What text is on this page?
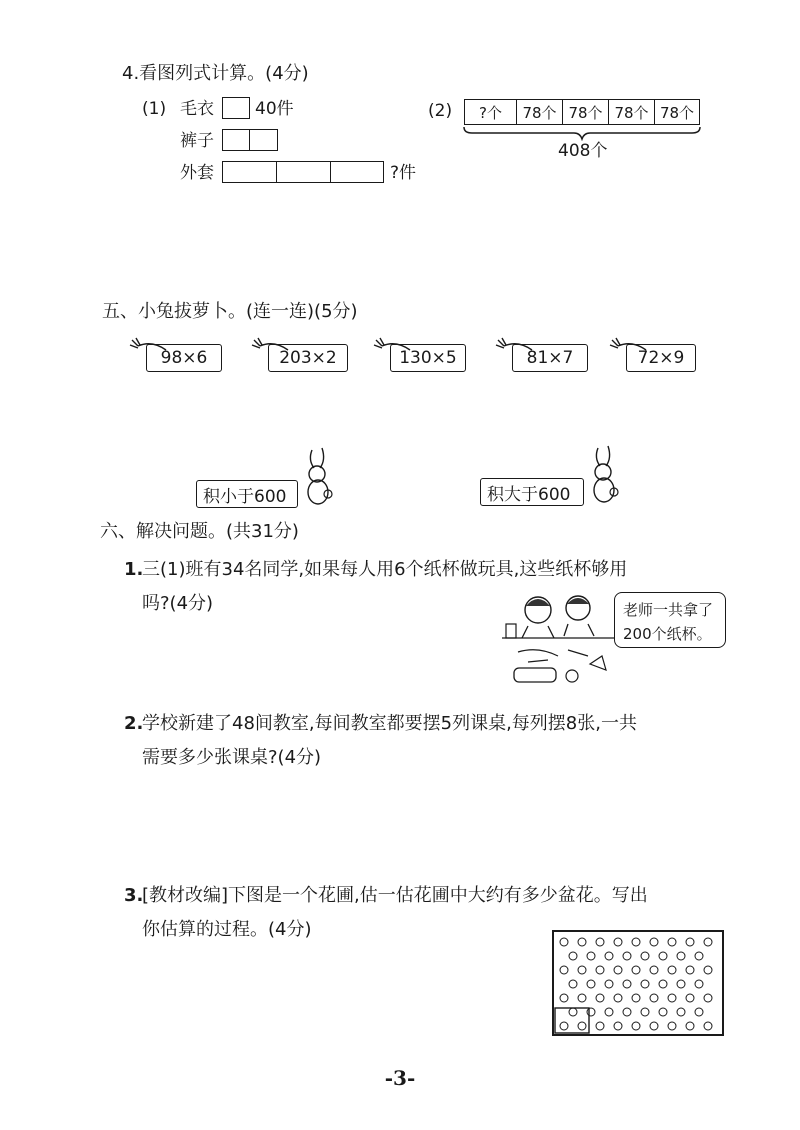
4.看图列式计算。(4分)
(1) 毛衣 40件
裤子
外套	?件
(2)	?个	78个 78个 78个 78个
408个
五、小兔拔萝卜。(连一连)(5分)
98×6	203×2	130×5	81×7	72×9
积小于600	积大于600
六、解决问题。(共31分)
1.
三(1)班有34名同学,如果每人用6个纸杯做玩具,这些纸杯够用
吗?(4分)	老师一共拿了
200个纸杯。
2.
学校新建了48间教室,每间教室都要摆5列课桌,每列摆8张,一共
需要多少张课桌?(4分)
3.
[教材改编]下图是一个花圃,估一估花圃中大约有多少盆花。写出
你估算的过程。(4分)
-3-
